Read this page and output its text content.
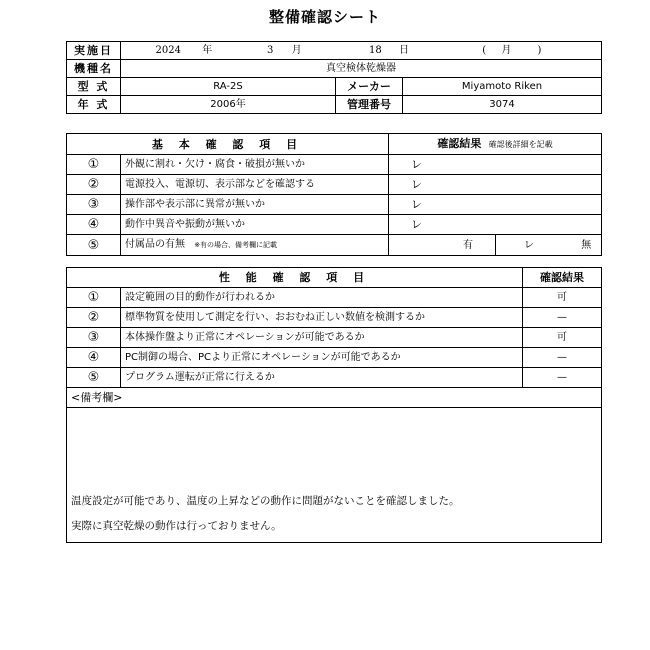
整備確認シート
実施日	2024 年 3 月 18 日 ( 月 )		
機種名	真空検体乾燥器		
型 式	RA-2S	メーカー	Miyamoto Riken
年 式	2006年	管理番号	3074
基 本 確 認 項 目		確認結果 確認後詳細を記載	
①	外観に割れ・欠け・腐食・破損が無いか	レ	
②	電源投入、電源切、表示部などを確認する	レ	
③	操作部や表示部に異常が無いか	レ	
④	動作中異音や振動が無いか	レ	
⑤	付属品の有無 ※有の場合、備考欄に記載	有	レ 無
性 能 確 認 項 目		確認結果
①	設定範囲の目的動作が行われるか	可
②	標準物質を使用して測定を行い、おおむね正しい数値を検測するか	—
③	本体操作盤より正常にオペレーションが可能であるか	可
④	PC制御の場合、PCより正常にオペレーションが可能であるか	—
⑤	プログラム運転が正常に行えるか	—
<備考欄>		

温度設定が可能であり、温度の上昇などの動作に問題がないことを確認しました。
実際に真空乾燥の動作は行っておりません。		
